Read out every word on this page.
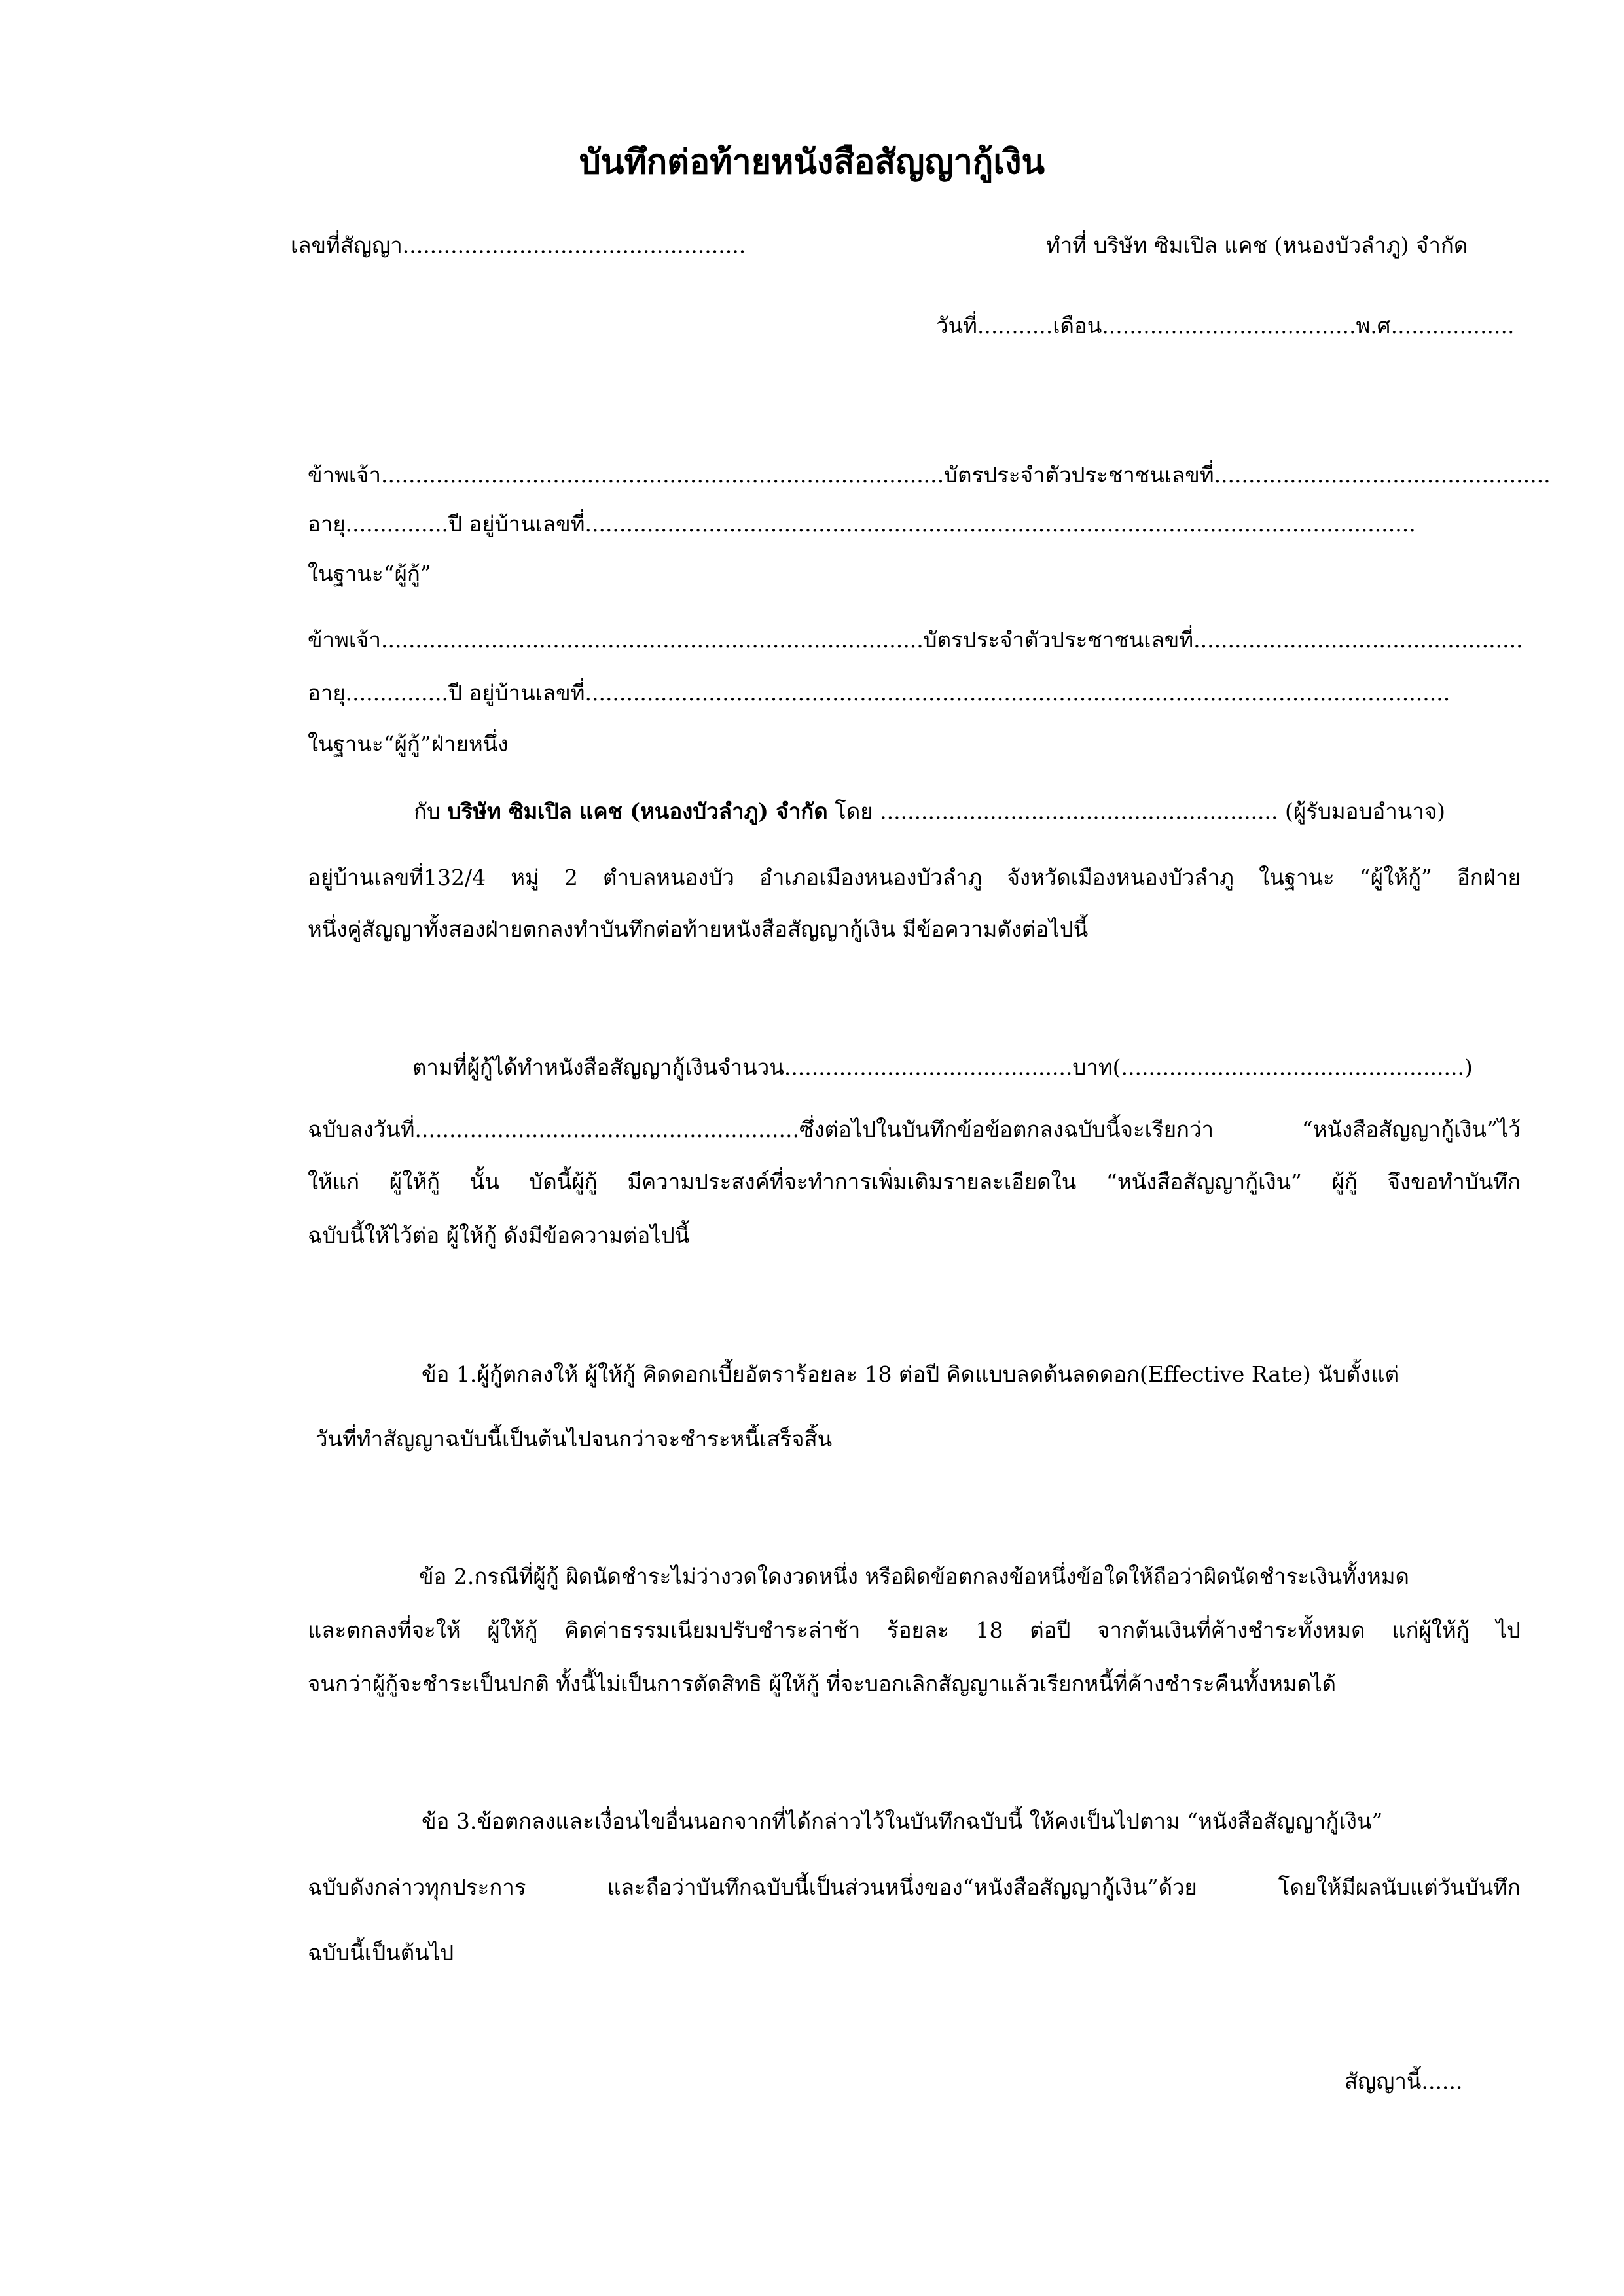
บันทึกต่อท้ายหนังสือสัญญากู้เงิน
เลขที่สัญญา..................................................	ทำที่ บริษัท ซิมเปิล แคช (หนองบัวลำภู) จำกัด
วันที่...........เดือน.....................................พ.ศ..................
ข้าพเจ้า..................................................................................บัตรประจำตัวประชาชนเลขที่.................................................
อายุ...............ปี อยู่บ้านเลขที่.........................................................................................................................
ในฐานะ“ผู้กู้”
ข้าพเจ้า...............................................................................บัตรประจำตัวประชาชนเลขที่................................................
อายุ...............ปี อยู่บ้านเลขที่..............................................................................................................................
ในฐานะ“ผู้กู้”ฝ่ายหนึ่ง
กับ บริษัท ซิมเปิล แคช (หนองบัวลำภู) จำกัด โดย .......................................................... (ผู้รับมอบอำนาจ)
อยู่บ้านเลขที่132/4 หมู่ 2 ตำบลหนองบัว อำเภอเมืองหนองบัวลำภู จังหวัดเมืองหนองบัวลำภู ในฐานะ “ผู้ให้กู้” อีกฝ่าย
หนึ่งคู่สัญญาทั้งสองฝ่ายตกลงทำบันทึกต่อท้ายหนังสือสัญญากู้เงิน มีข้อความดังต่อไปนี้
ตามที่ผู้กู้ได้ทำหนังสือสัญญากู้เงินจำนวน..........................................บาท(..................................................)
ฉบับลงวันที่........................................................ซึ่งต่อไปในบันทึกข้อข้อตกลงฉบับนี้จะเรียกว่า “หนังสือสัญญากู้เงิน”ไว้
ให้แก่ ผู้ให้กู้ นั้น บัดนี้ผู้กู้ มีความประสงค์ที่จะทำการเพิ่มเติมรายละเอียดใน “หนังสือสัญญากู้เงิน” ผู้กู้ จึงขอทำบันทึก
ฉบับนี้ให้ไว้ต่อ ผู้ให้กู้ ดังมีข้อความต่อไปนี้
ข้อ 1.ผู้กู้ตกลงให้ ผู้ให้กู้ คิดดอกเบี้ยอัตราร้อยละ 18 ต่อปี คิดแบบลดต้นลดดอก(Effective Rate) นับตั้งแต่
วันที่ทำสัญญาฉบับนี้เป็นต้นไปจนกว่าจะชำระหนี้เสร็จสิ้น
ข้อ 2.กรณีที่ผู้กู้ ผิดนัดชำระไม่ว่างวดใดงวดหนึ่ง หรือผิดข้อตกลงข้อหนึ่งข้อใดให้ถือว่าผิดนัดชำระเงินทั้งหมด
และตกลงที่จะให้ ผู้ให้กู้ คิดค่าธรรมเนียมปรับชำระล่าช้า ร้อยละ 18 ต่อปี จากต้นเงินที่ค้างชำระทั้งหมด แก่ผู้ให้กู้ ไป
จนกว่าผู้กู้จะชำระเป็นปกติ ทั้งนี้ไม่เป็นการตัดสิทธิ ผู้ให้กู้ ที่จะบอกเลิกสัญญาแล้วเรียกหนี้ที่ค้างชำระคืนทั้งหมดได้
ข้อ 3.ข้อตกลงและเงื่อนไขอื่นนอกจากที่ได้กล่าวไว้ในบันทึกฉบับนี้ ให้คงเป็นไปตาม “หนังสือสัญญากู้เงิน”
ฉบับดังกล่าวทุกประการ และถือว่าบันทึกฉบับนี้เป็นส่วนหนึ่งของ“หนังสือสัญญากู้เงิน”ด้วย โดยให้มีผลนับแต่วันบันทึก
ฉบับนี้เป็นต้นไป
สัญญานี้......
